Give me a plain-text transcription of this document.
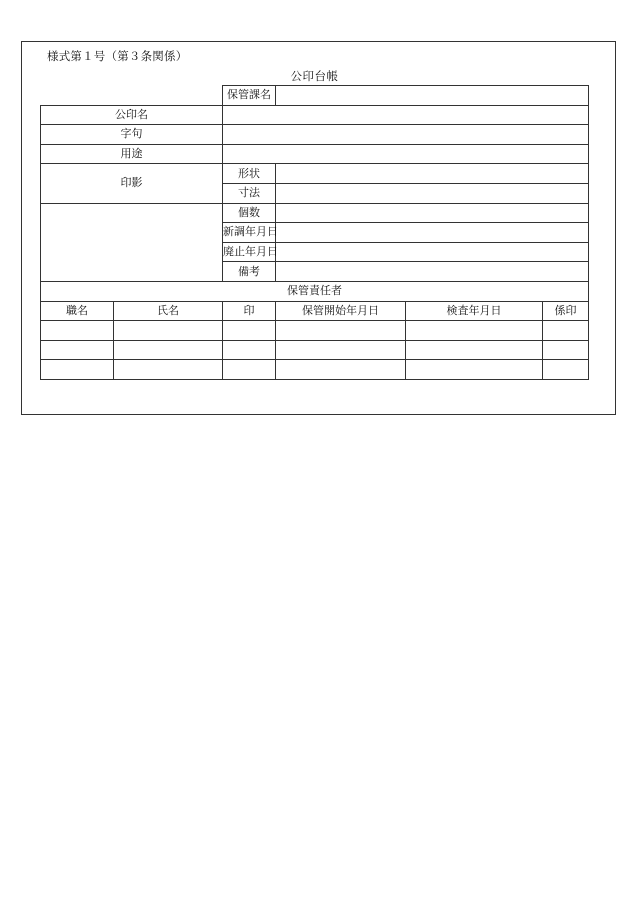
様式第１号（第３条関係）
公印台帳
		保管課名			
公印名					
字句					
用途					
印影		形状			
		寸法			
		個数			
		新調年月日			
		廃止年月日			
		備考			
保管責任者					
職名	氏名	印	保管開始年月日	検査年月日	係印
